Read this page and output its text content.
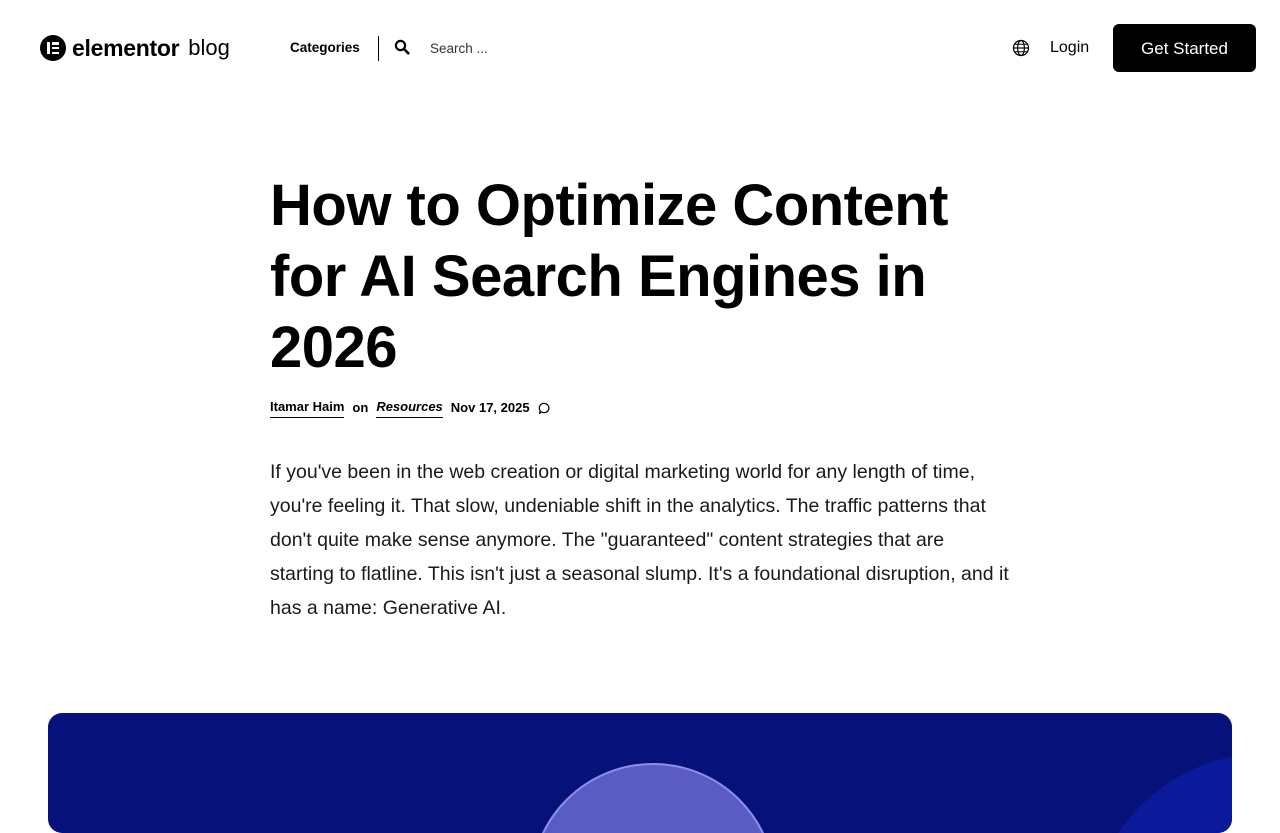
elementor blog	Categories
Search ...	Login	Get Started
How to Optimize Content for AI Search Engines in 2026
Itamar Haim on Resources Nov 17, 2025

If you've been in the web creation or digital marketing world for any length of time, you're feeling it. That slow, undeniable shift in the analytics. The traffic patterns that don't quite make sense anymore. The "guaranteed" content strategies that are starting to flatline. This isn't just a seasonal slump. It's a foundational disruption, and it has a name: Generative AI.
